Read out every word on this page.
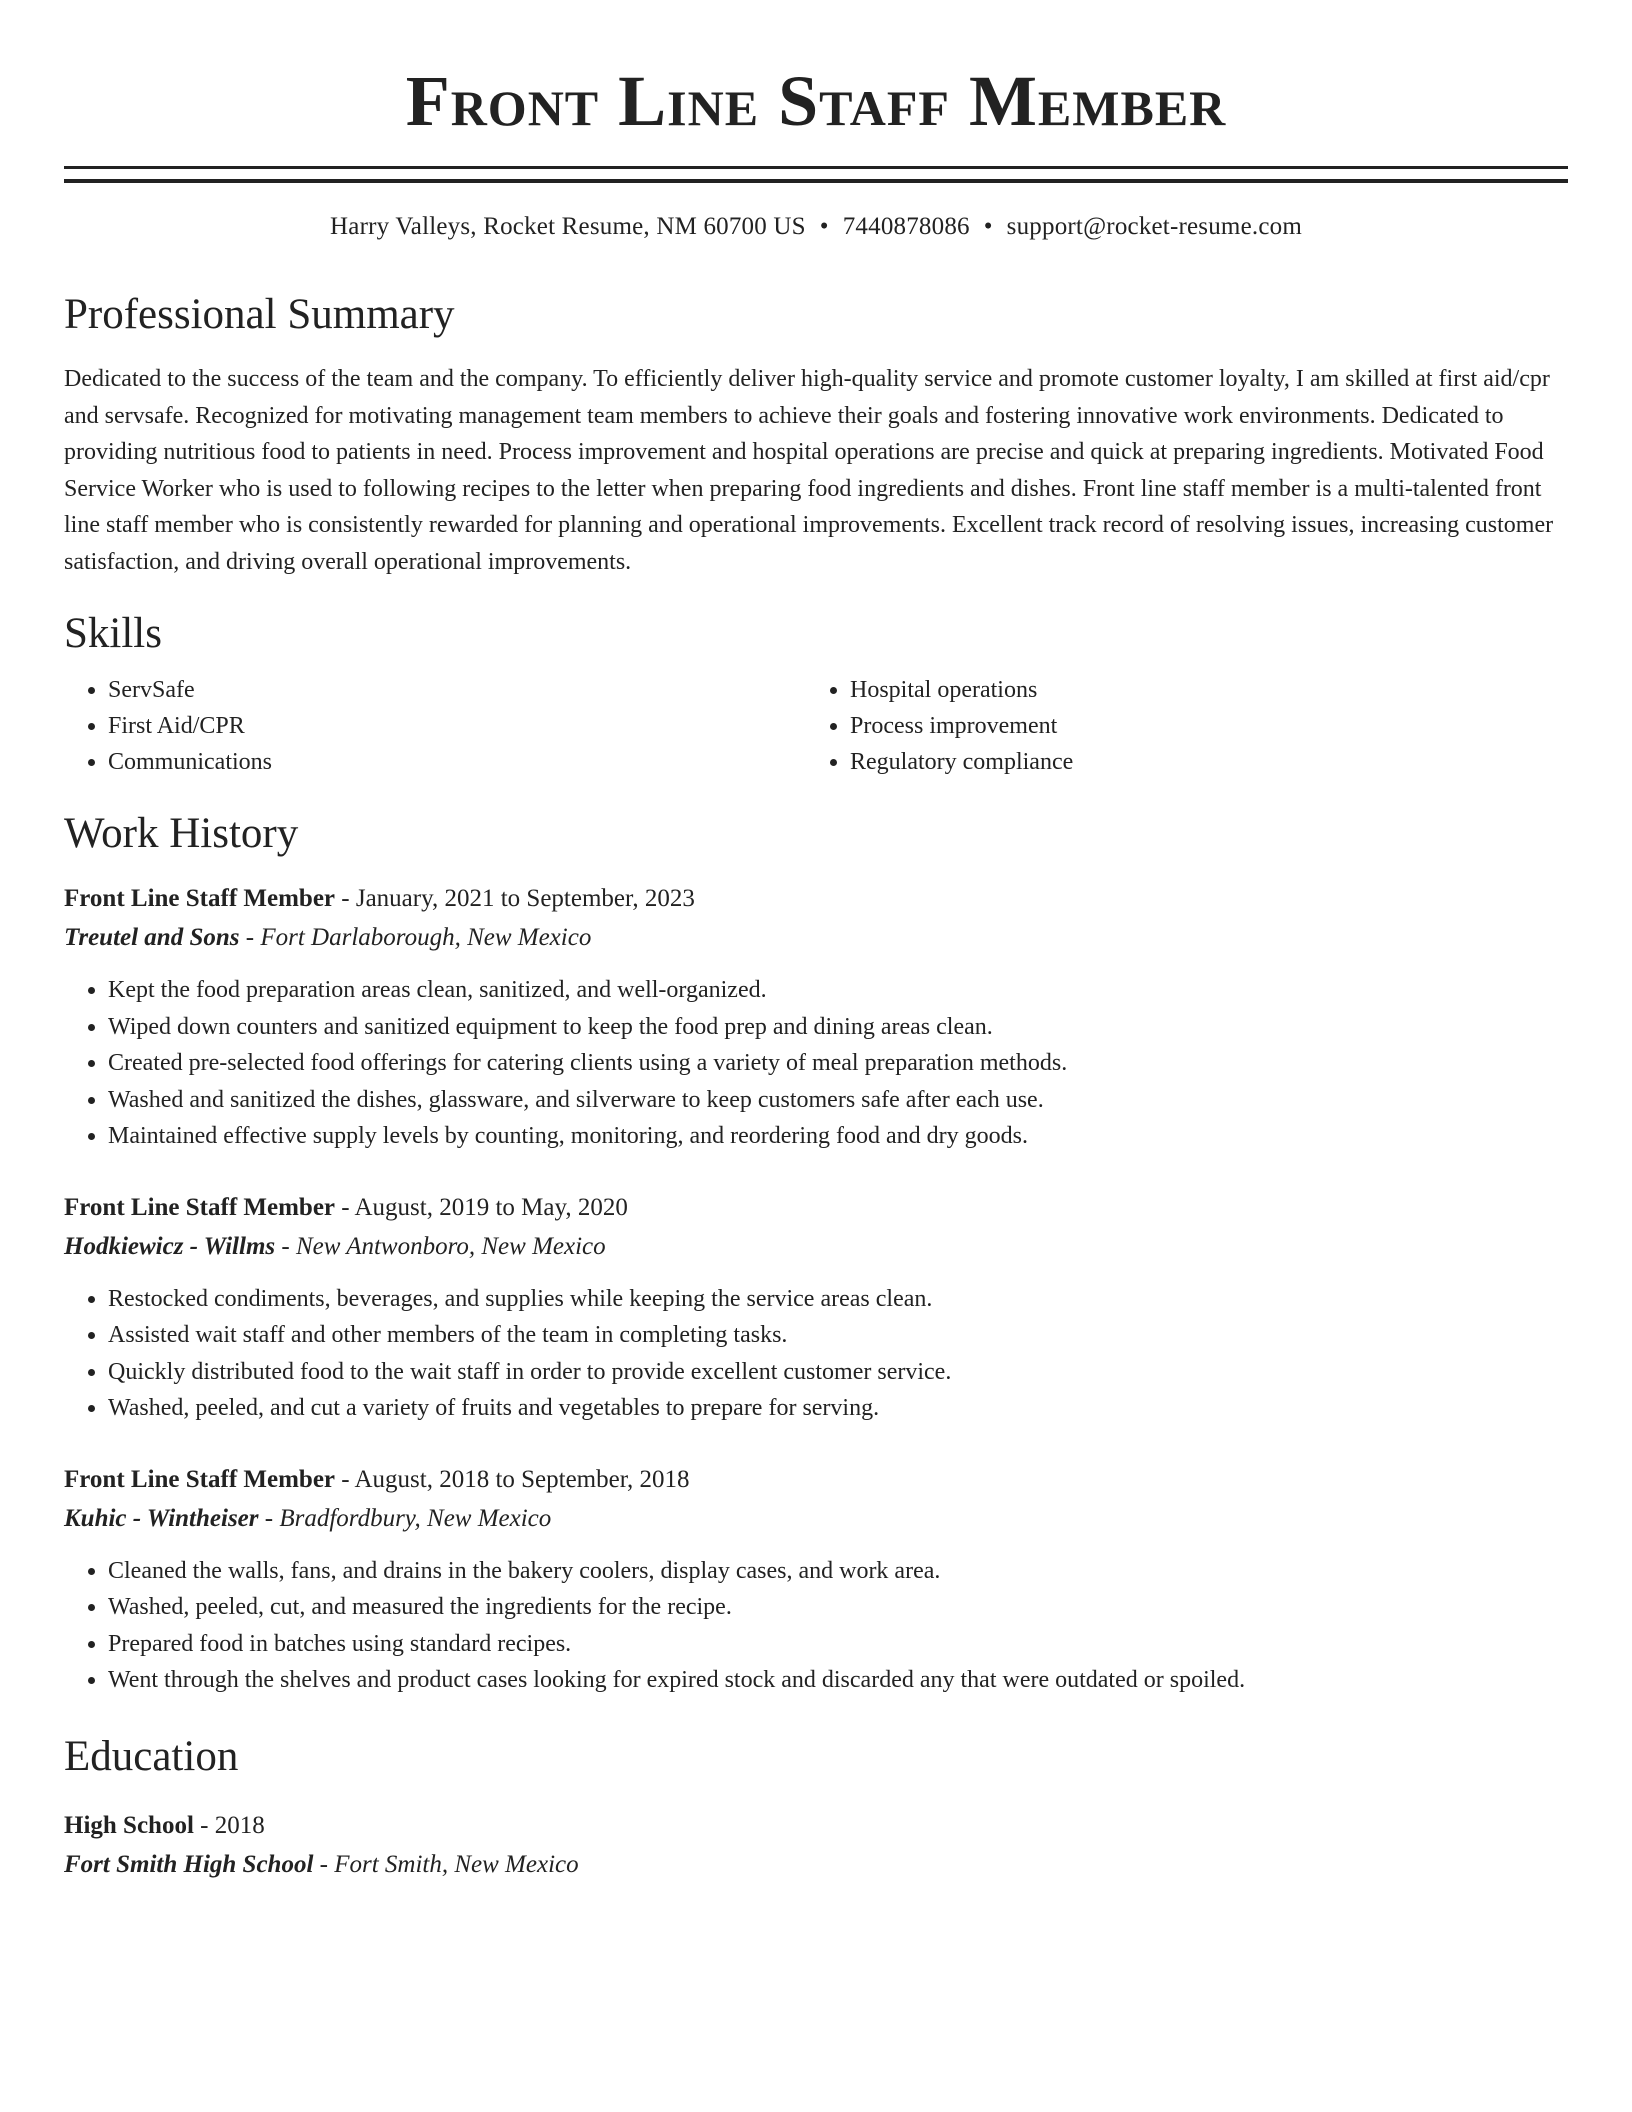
Front Line Staff Member
Harry Valleys, Rocket Resume, NM 60700 US • 7440878086 • support@rocket-resume.com
Professional Summary

Dedicated to the success of the team and the company. To efficiently deliver high-quality service and promote customer loyalty, I am skilled at first aid/cpr and servsafe. Recognized for motivating management team members to achieve their goals and fostering innovative work environments. Dedicated to providing nutritious food to patients in need. Process improvement and hospital operations are precise and quick at preparing ingredients. Motivated Food Service Worker who is used to following recipes to the letter when preparing food ingredients and dishes. Front line staff member is a multi-talented front line staff member who is consistently rewarded for planning and operational improvements. Excellent track record of resolving issues, increasing customer satisfaction, and driving overall operational improvements.

Skills
• ServSafe
• First Aid/CPR
• Communications
• Hospital operations
• Process improvement
• Regulatory compliance
Work History
Front Line Staff Member - January, 2021 to September, 2023
Treutel and Sons - Fort Darlaborough, New Mexico
• Kept the food preparation areas clean, sanitized, and well-organized.
• Wiped down counters and sanitized equipment to keep the food prep and dining areas clean.
• Created pre-selected food offerings for catering clients using a variety of meal preparation methods.
• Washed and sanitized the dishes, glassware, and silverware to keep customers safe after each use.
• Maintained effective supply levels by counting, monitoring, and reordering food and dry goods.
Front Line Staff Member - August, 2019 to May, 2020
Hodkiewicz - Willms - New Antwonboro, New Mexico
• Restocked condiments, beverages, and supplies while keeping the service areas clean.
• Assisted wait staff and other members of the team in completing tasks.
• Quickly distributed food to the wait staff in order to provide excellent customer service.
• Washed, peeled, and cut a variety of fruits and vegetables to prepare for serving.
Front Line Staff Member - August, 2018 to September, 2018
Kuhic - Wintheiser - Bradfordbury, New Mexico
• Cleaned the walls, fans, and drains in the bakery coolers, display cases, and work area.
• Washed, peeled, cut, and measured the ingredients for the recipe.
• Prepared food in batches using standard recipes.
• Went through the shelves and product cases looking for expired stock and discarded any that were outdated or spoiled.
Education
High School - 2018
Fort Smith High School - Fort Smith, New Mexico
